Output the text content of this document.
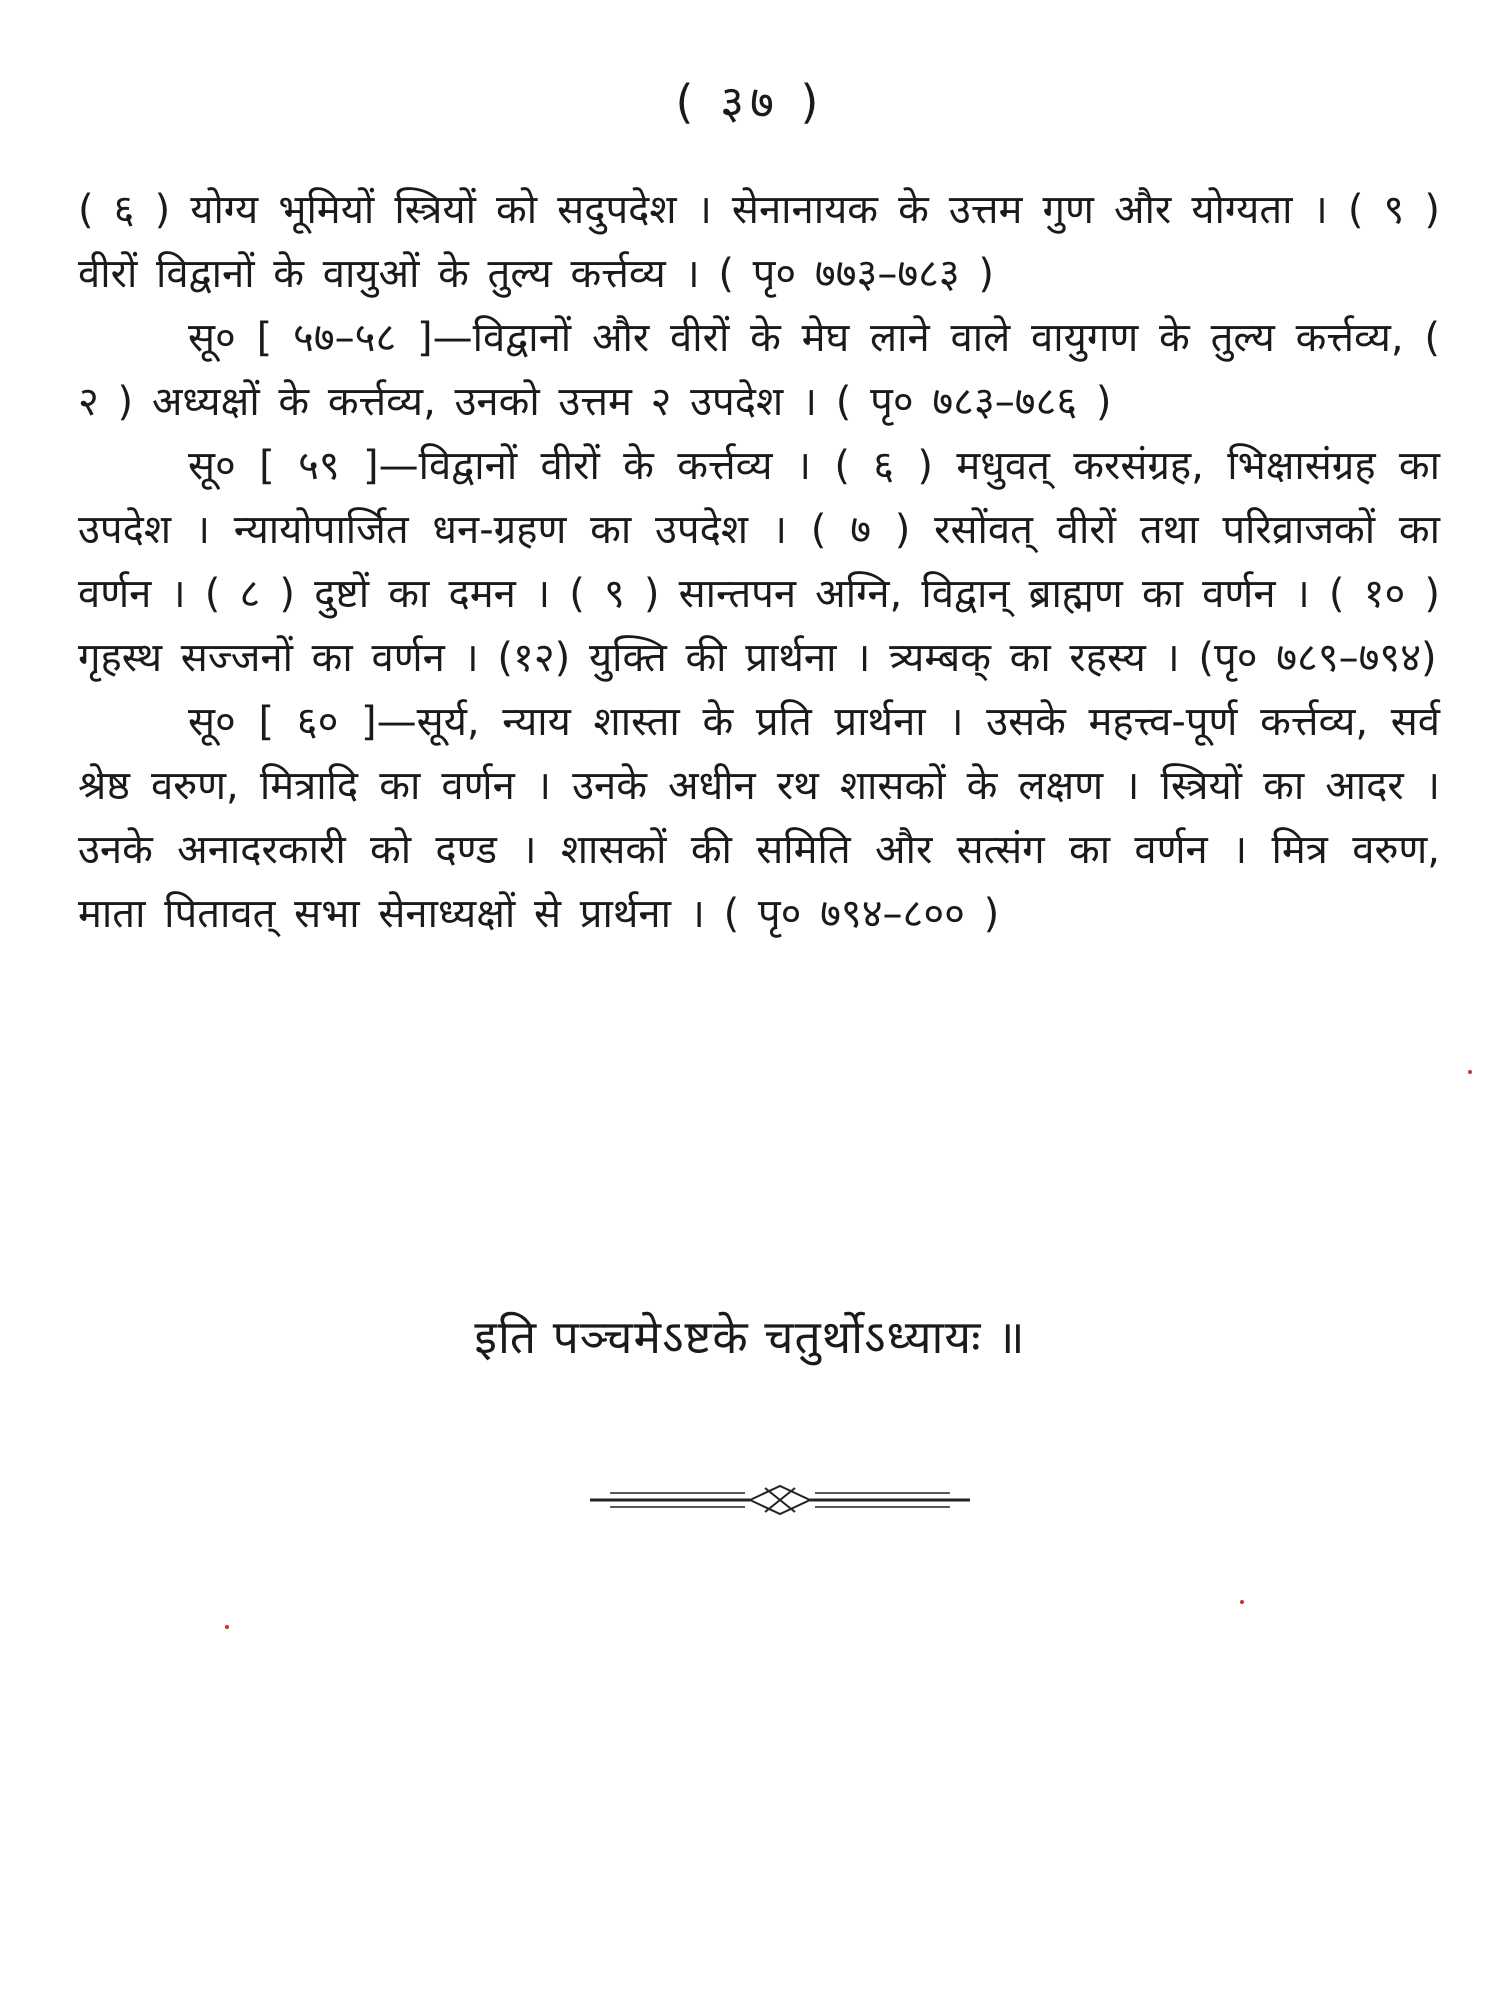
( ३७ )

( ६ ) योग्य भूमियों स्त्रियों को सदुपदेश । सेनानायक के उत्तम गुण और योग्यता । ( ९ ) वीरों विद्वानों के वायुओं के तुल्य कर्त्तव्य । ( पृ० ७७३–७८३ )

सू० [ ५७–५८ ]—विद्वानों और वीरों के मेघ लाने वाले वायुगण के तुल्य कर्त्तव्य, ( २ ) अध्यक्षों के कर्त्तव्य, उनको उत्तम २ उपदेश । ( पृ० ७८३–७८६ )

सू० [ ५९ ]—विद्वानों वीरों के कर्त्तव्य । ( ६ ) मधुवत् करसंग्रह, भिक्षासंग्रह का उपदेश । न्यायोपार्जित धन-ग्रहण का उपदेश । ( ७ ) रसोंवत् वीरों तथा परिव्राजकों का वर्णन । ( ८ ) दुष्टों का दमन । ( ९ ) सान्तपन अग्नि, विद्वान् ब्राह्मण का वर्णन । ( १० ) गृहस्थ सज्जनों का वर्णन । (१२) युक्ति की प्रार्थना । त्र्यम्बक् का रहस्य । (पृ० ७८९–७९४)

सू० [ ६० ]—सूर्य, न्याय शास्ता के प्रति प्रार्थना । उसके महत्त्व-पूर्ण कर्त्तव्य, सर्व श्रेष्ठ वरुण, मित्रादि का वर्णन । उनके अधीन रथ शासकों के लक्षण । स्त्रियों का आदर । उनके अनादरकारी को दण्ड । शासकों की समिति और सत्संग का वर्णन । मित्र वरुण, माता पितावत् सभा सेनाध्यक्षों से प्रार्थना । ( पृ० ७९४–८०० )

इति पञ्चमेऽष्टके चतुर्थोऽध्यायः ॥
